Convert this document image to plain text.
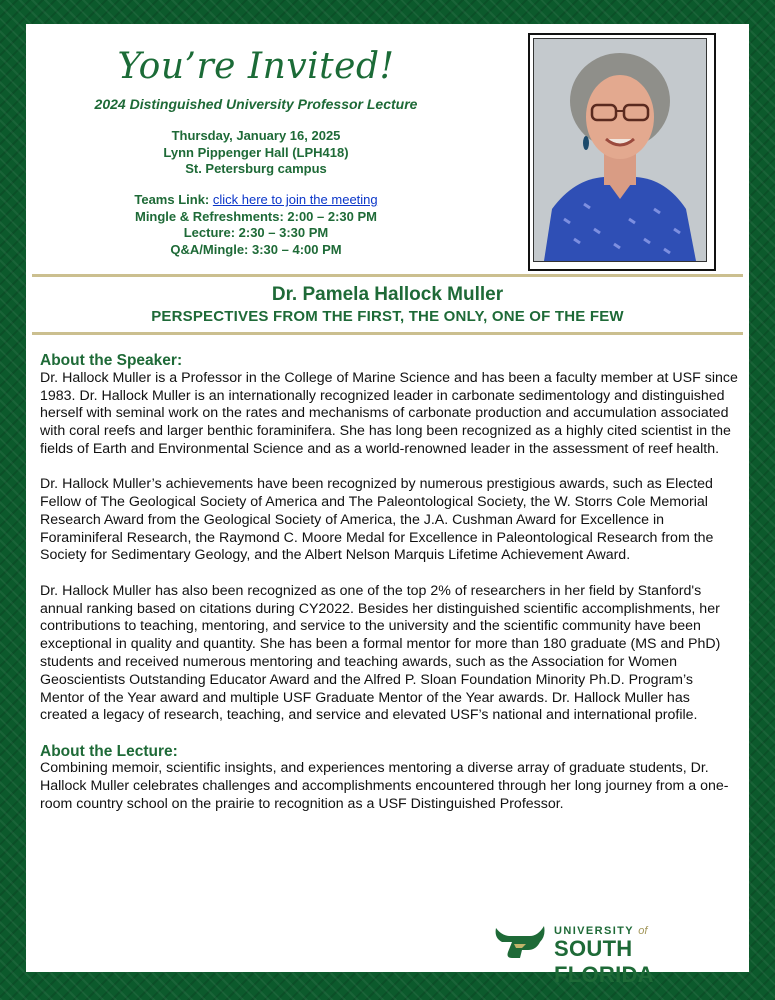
You’re Invited!
2024 Distinguished University Professor Lecture
Thursday, January 16, 2025
Lynn Pippenger Hall (LPH418)
St. Petersburg campus
Teams Link: click here to join the meeting
Mingle & Refreshments: 2:00 – 2:30 PM
Lecture: 2:30 – 3:30 PM
Q&A/Mingle: 3:30 – 4:00 PM
Dr. Pamela Hallock Muller
PERSPECTIVES FROM THE FIRST, THE ONLY, ONE OF THE FEW

About the Speaker:

Dr. Hallock Muller is a Professor in the College of Marine Science and has been a faculty member at USF since 1983. Dr. Hallock Muller is an internationally recognized leader in carbonate sedimentology and distinguished herself with seminal work on the rates and mechanisms of carbonate production and accumulation associated with coral reefs and larger benthic foraminifera. She has long been recognized as a highly cited scientist in the fields of Earth and Environmental Science and as a world-renowned leader in the assessment of reef health.

Dr. Hallock Muller’s achievements have been recognized by numerous prestigious awards, such as Elected Fellow of The Geological Society of America and The Paleontological Society, the W. Storrs Cole Memorial Research Award from the Geological Society of America, the J.A. Cushman Award for Excellence in Foraminiferal Research, the Raymond C. Moore Medal for Excellence in Paleontological Research from the Society for Sedimentary Geology, and the Albert Nelson Marquis Lifetime Achievement Award.

Dr. Hallock Muller has also been recognized as one of the top 2% of researchers in her field by Stanford's annual ranking based on citations during CY2022. Besides her distinguished scientific accomplishments, her contributions to teaching, mentoring, and service to the university and the scientific community have been exceptional in quality and quantity. She has been a formal mentor for more than 180 graduate (MS and PhD) students and received numerous mentoring and teaching awards, such as the Association for Women Geoscientists Outstanding Educator Award and the Alfred P. Sloan Foundation Minority Ph.D. Program’s Mentor of the Year award and multiple USF Graduate Mentor of the Year awards. Dr. Hallock Muller has created a legacy of research, teaching, and service and elevated USF’s national and international profile.

About the Lecture:

Combining memoir, scientific insights, and experiences mentoring a diverse array of graduate students, Dr. Hallock Muller celebrates challenges and accomplishments encountered through her long journey from a one-room country school on the prairie to recognition as a USF Distinguished Professor.

UNIVERSITY of
SOUTH FLORIDA
